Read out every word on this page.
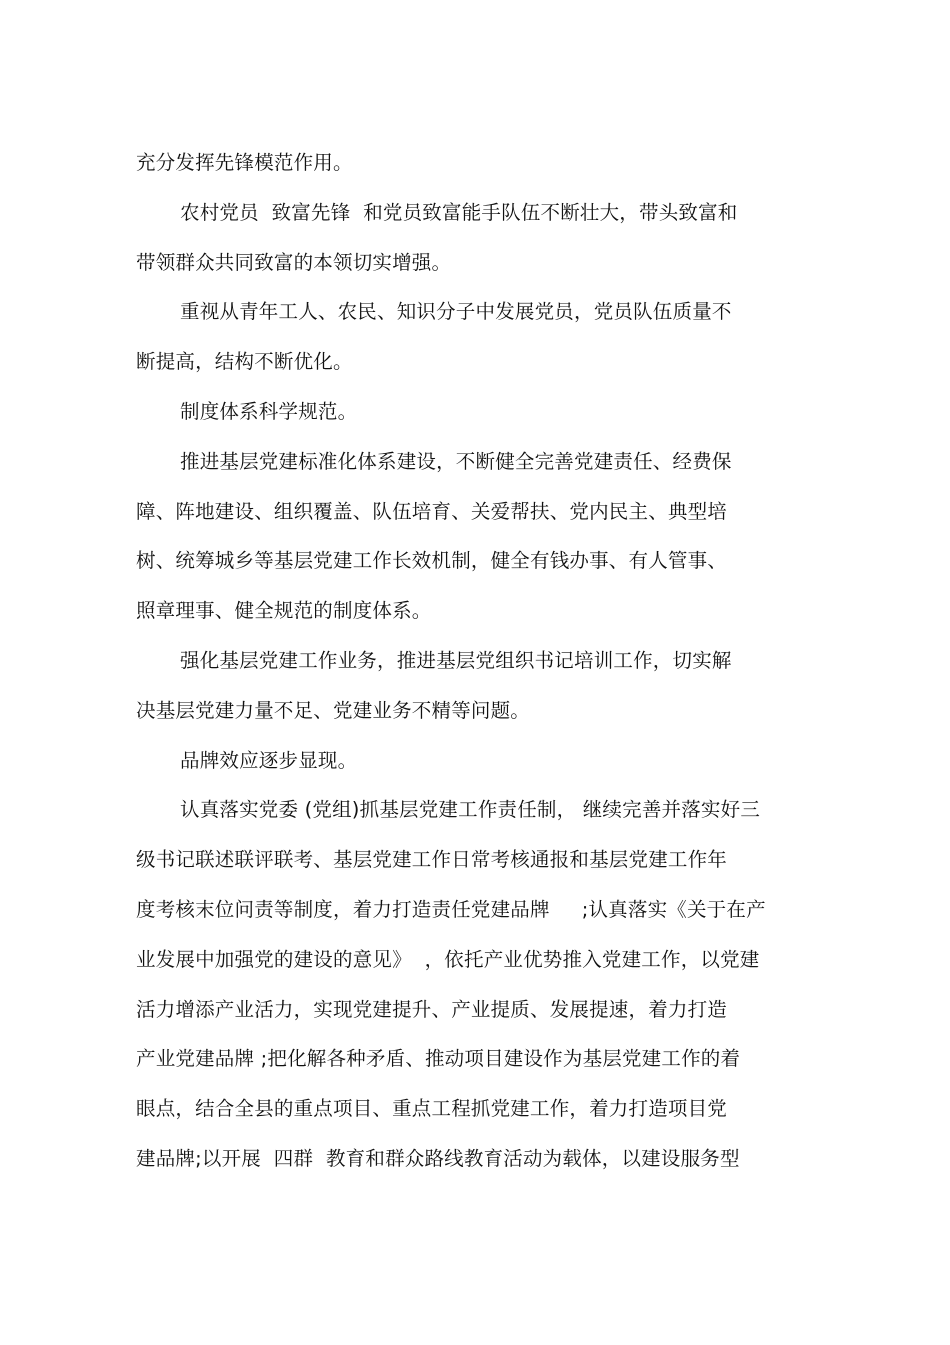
充分发挥先锋模范作用。
农村党员  致富先锋  和党员致富能手队伍不断壮大，带头致富和
带领群众共同致富的本领切实增强。
重视从青年工人、农民、知识分子中发展党员，党员队伍质量不
断提高，结构不断优化。
制度体系科学规范。
推进基层党建标准化体系建设，不断健全完善党建责任、经费保
障、阵地建设、组织覆盖、队伍培育、关爱帮扶、党内民主、典型培
树、统筹城乡等基层党建工作长效机制，健全有钱办事、有人管事、
照章理事、健全规范的制度体系。
强化基层党建工作业务，推进基层党组织书记培训工作，切实解
决基层党建力量不足、党建业务不精等问题。
品牌效应逐步显现。
认真落实党委 (党组)抓基层党建工作责任制， 继续完善并落实好三
级书记联述联评联考、基层党建工作日常考核通报和基层党建工作年
度考核末位问责等制度，着力打造责任党建品牌     ;认真落实《关于在产
业发展中加强党的建设的意见》  ，依托产业优势推入党建工作，以党建
活力增添产业活力，实现党建提升、产业提质、发展提速，着力打造
产业党建品牌 ;把化解各种矛盾、推动项目建设作为基层党建工作的着
眼点，结合全县的重点项目、重点工程抓党建工作，着力打造项目党
建品牌;以开展  四群  教育和群众路线教育活动为载体，以建设服务型
